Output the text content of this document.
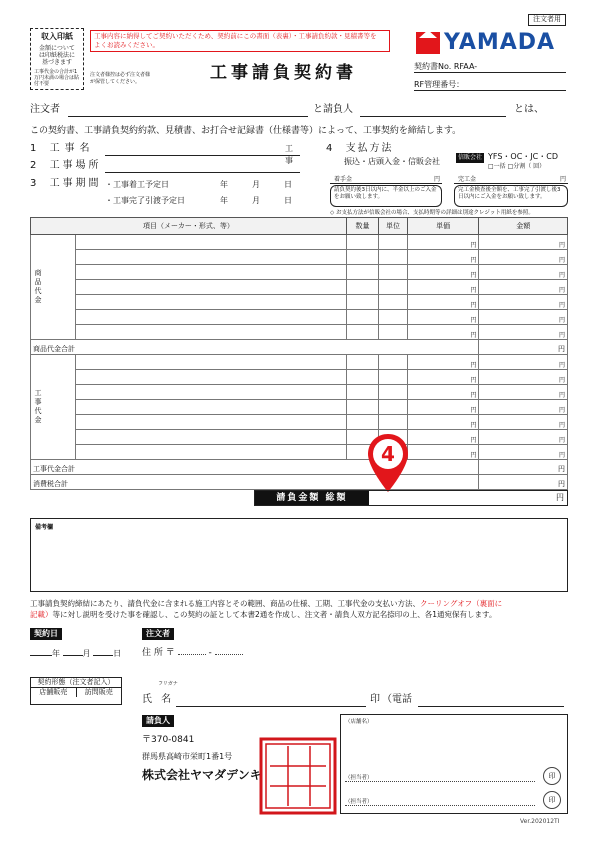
収入印紙
金額については印紙税法に基づきます
工事代金の合計が1万円未満の場合は貼付不要
工事内容に納得してご契約いただくため、契約前にこの書面（表裏）・工事請負約款・見積書等を
よくお読みください。
注文者様控は必ず注文者様が保管してください。	工事請負契約書
注文者用
YAMADA
契約書No. RFAA-
RF管理番号：
注文者	と請負人	とは、
この契約書、工事請負契約約款、見積書、お打合せ記録書（仕様書等）によって、工事契約を締結します。
1 工事名	工事
2 工事場所
3 工事期間 ・工事着工予定日	年	月	日
・工事完了引渡予定日	年	月	日
4 支払方法
振込・店頭入金・信販会社	信販会社 YFS・OC・JC・CD
□一括 □分割（ 回）
着手金	円
請負契約後3日以内に、半金以上のご入金をお願い致します。
完工金	円
完工金検査後全額を、工事完了引渡し後3日以内にご入金をお願い致します。
◇ お支払方法が信販会社の場合、支払時期等の詳細は別途クレジット用紙を参照。
項目（メーカー・形式、等）		数量	単位	単価	金額

商品代金				円	円
				円	円
				円	円
				円	円
				円	円
				円	円
				円	円
商品代金合計					円

工事代金				円	円
				円	円
				円	円
				円	円
				円	円
				円	円
				円	円
工事代金合計					円
消費税合計					円
4
請負金額 総額	円
備考欄
工事請負契約締結にあたり、請負代金に含まれる施工内容とその範囲、商品の仕様、工期、工事代金の支払い方法、クーリングオフ（裏面に
記載）等に対し説明を受けた事を確認し、この契約の証として本書2通を作成し、注文者・請負人双方記名捺印の上、各1通宛保有します。
契約日
年	月	日
注文者
住 所 〒	-
契約形態（注文者記入）
店舗販売	訪問販売
フリガナ
氏 名	印 （電話
請負人
〒370-0841
群馬県高崎市栄町1番1号
株式会社ヤマダデンキ
（店舗名）
（担当者）
（担当者）
印
印
Ver.202012TI
